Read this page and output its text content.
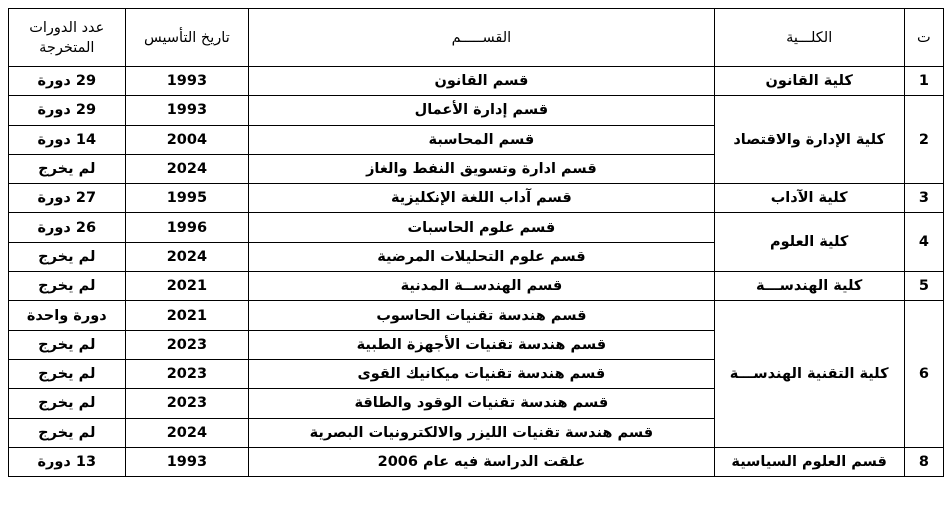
ت	الكلـــية	القســـــم	تاريخ التأسيس	عدد الدورات المتخرجة
1	كلية القانون	قسم القانون	1993	29 دورة
2	كلية الإدارة والاقتصاد	قسم إدارة الأعمال	1993	29 دورة
		قسم المحاسبة	2004	14 دورة
		قسم ادارة وتسويق النفط والغاز	2024	لم يخرج
3	كلية الآداب	قسم آداب اللغة الإنكليزية	1995	27 دورة
4	كلية العلوم	قسم علوم الحاسبات	1996	26 دورة
		قسم علوم التحليلات المرضية	2024	لم يخرج
5	كلية الهندســـة	قسم الهندســة المدنية	2021	لم يخرج
6	كلية التقنية الهندســـة	قسم هندسة تقنيات الحاسوب	2021	دورة واحدة
		قسم هندسة تقنيات الأجهزة الطبية	2023	لم يخرج
		قسم هندسة تقنيات ميكانيك القوى	2023	لم يخرج
		قسم هندسة تقنيات الوقود والطاقة	2023	لم يخرج
		قسم هندسة تقنيات الليزر والالكترونيات البصرية	2024	لم يخرج
8	قسم العلوم السياسية	علقت الدراسة فيه عام 2006	1993	13 دورة
